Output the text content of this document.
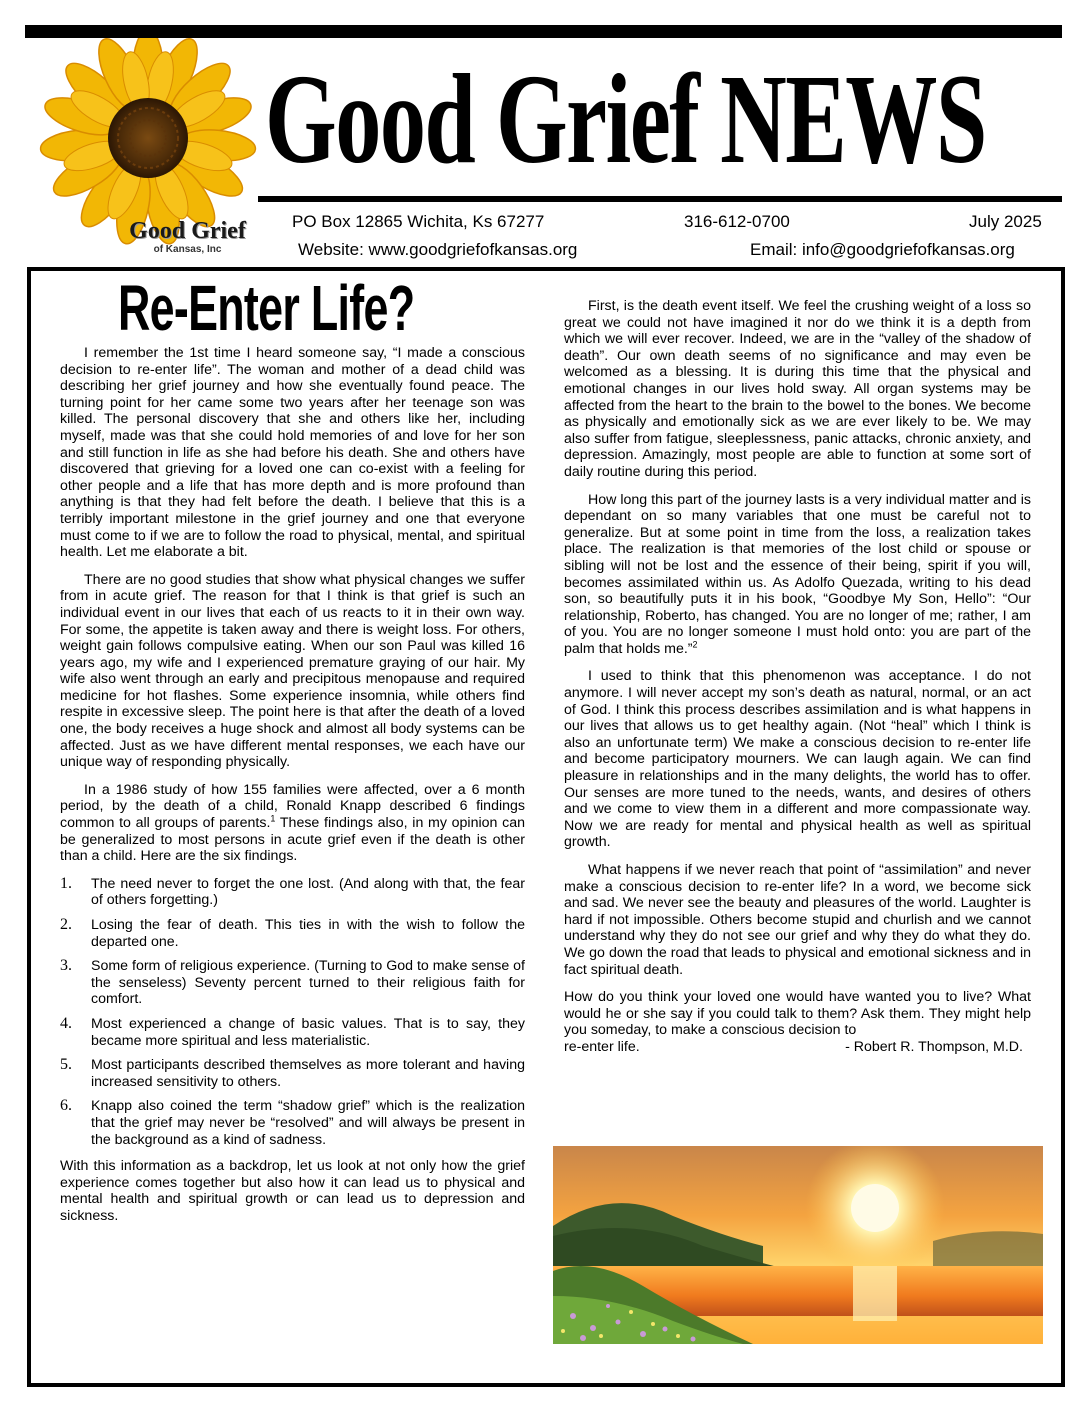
Good Grief
of Kansas, Inc
Good Grief NEWS
PO Box 12865 Wichita, Ks 67277	316-612-0700	July 2025
Website: www.goodgriefofkansas.org	Email: info@goodgriefofkansas.org
Re-Enter Life?

I remember the 1st time I heard someone say, “I made a conscious decision to re-enter life”. The woman and mother of a dead child was describing her grief journey and how she eventually found peace. The turning point for her came some two years after her teenage son was killed. The personal discovery that she and others like her, including myself, made was that she could hold memories of and love for her son and still function in life as she had before his death. She and others have discovered that grieving for a loved one can co-exist with a feeling for other people and a life that has more depth and is more profound than anything is that they had felt before the death. I believe that this is a terribly important milestone in the grief journey and one that everyone must come to if we are to follow the road to physical, mental, and spiritual health. Let me elaborate a bit.

There are no good studies that show what physical changes we suffer from in acute grief. The reason for that I think is that grief is such an individual event in our lives that each of us reacts to it in their own way. For some, the appetite is taken away and there is weight loss. For others, weight gain follows compulsive eating. When our son Paul was killed 16 years ago, my wife and I experienced premature graying of our hair. My wife also went through an early and precipitous menopause and required medicine for hot flashes. Some experience insomnia, while others find respite in excessive sleep. The point here is that after the death of a loved one, the body receives a huge shock and almost all body systems can be affected. Just as we have different mental responses, we each have our unique way of responding physically.

In a 1986 study of how 155 families were affected, over a 6 month period, by the death of a child, Ronald Knapp described 6 findings common to all groups of parents.$^1$ These findings also, in my opinion can be generalized to most persons in acute grief even if the death is other than a child. Here are the six findings.

1. The need never to forget the one lost. (And along with that, the fear of others forgetting.)
2. Losing the fear of death. This ties in with the wish to follow the departed one.
3. Some form of religious experience. (Turning to God to make sense of the senseless) Seventy percent turned to their religious faith for comfort.
4. Most experienced a change of basic values. That is to say, they became more spiritual and less materialistic.
5. Most participants described themselves as more tolerant and having increased sensitivity to others.
6. Knapp also coined the term “shadow grief” which is the realization that the grief may never be “resolved” and will always be present in the background as a kind of sadness.

With this information as a backdrop, let us look at not only how the grief experience comes together but also how it can lead us to physical and mental health and spiritual growth or can lead us to depression and sickness.

First, is the death event itself. We feel the crushing weight of a loss so great we could not have imagined it nor do we think it is a depth from which we will ever recover. Indeed, we are in the “valley of the shadow of death”. Our own death seems of no significance and may even be welcomed as a blessing. It is during this time that the physical and emotional changes in our lives hold sway. All organ systems may be affected from the heart to the brain to the bowel to the bones. We become as physically and emotionally sick as we are ever likely to be. We may also suffer from fatigue, sleeplessness, panic attacks, chronic anxiety, and depression. Amazingly, most people are able to function at some sort of daily routine during this period.

How long this part of the journey lasts is a very individual matter and is dependant on so many variables that one must be careful not to generalize. But at some point in time from the loss, a realization takes place. The realization is that memories of the lost child or spouse or sibling will not be lost and the essence of their being, spirit if you will, becomes assimilated within us. As Adolfo Quezada, writing to his dead son, so beautifully puts it in his book, “Goodbye My Son, Hello”: “Our relationship, Roberto, has changed. You are no longer of me; rather, I am of you. You are no longer someone I must hold onto: you are part of the palm that holds me.”$^2$

I used to think that this phenomenon was acceptance. I do not anymore. I will never accept my son’s death as natural, normal, or an act of God. I think this process describes assimilation and is what happens in our lives that allows us to get healthy again. (Not “heal” which I think is also an unfortunate term) We make a conscious decision to re-enter life and become participatory mourners. We can laugh again. We can find pleasure in relationships and in the many delights, the world has to offer. Our senses are more tuned to the needs, wants, and desires of others and we come to view them in a different and more compassionate way. Now we are ready for mental and physical health as well as spiritual growth.

What happens if we never reach that point of “assimilation” and never make a conscious decision to re-enter life? In a word, we become sick and sad. We never see the beauty and pleasures of the world. Laughter is hard if not impossible. Others become stupid and churlish and we cannot understand why they do not see our grief and why they do what they do. We go down the road that leads to physical and emotional sickness and in fact spiritual death.

How do you think your loved one would have wanted you to live? What would he or she say if you could talk to them? Ask them. They might help you someday, to make a conscious decision to

re-enter life.	- Robert R. Thompson, M.D.
